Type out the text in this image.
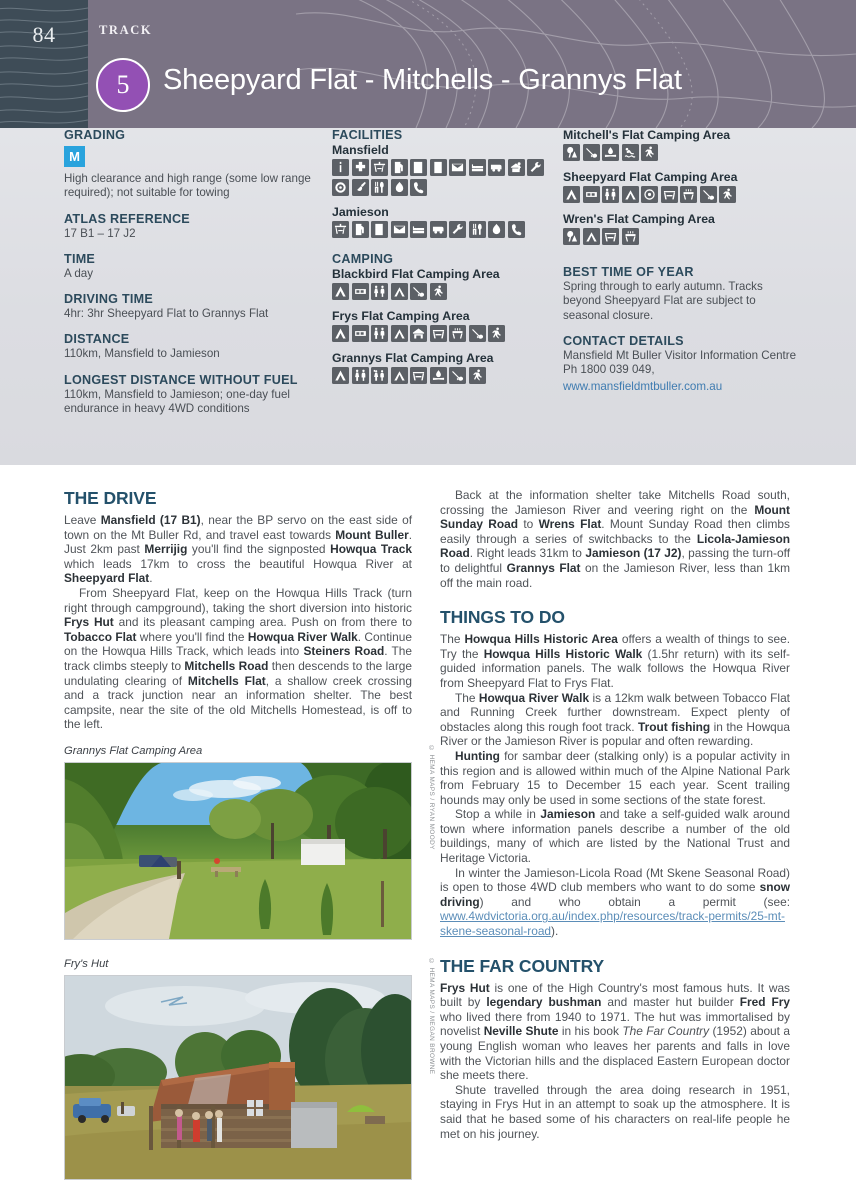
84	TRACK
5	Sheepyard Flat - Mitchells - Grannys Flat

GRADING

M

High clearance and high range (some low range required); not suitable for towing

ATLAS REFERENCE

17 B1 – 17 J2

TIME

A day

DRIVING TIME

4hr: 3hr Sheepyard Flat to Grannys Flat

DISTANCE

110km, Mansfield to Jamieson

LONGEST DISTANCE WITHOUT FUEL

110km, Mansfield to Jamieson; one-day fuel endurance in heavy 4WD conditions

FACILITIES

Mansfield

Jamieson

CAMPING

Blackbird Flat Camping Area

Frys Flat Camping Area

Grannys Flat Camping Area

Mitchell's Flat Camping Area

Sheepyard Flat Camping Area

Wren's Flat Camping Area

BEST TIME OF YEAR

Spring through to early autumn. Tracks beyond Sheepyard Flat are subject to seasonal closure.

CONTACT DETAILS

Mansfield Mt Buller Visitor Information Centre

Ph 1800 039 049,

www.mansfieldmtbuller.com.au
THE DRIVE

Leave Mansfield (17 B1), near the BP servo on the east side of town on the Mt Buller Rd, and travel east towards Mount Buller. Just 2km past Merrijig you'll find the signposted Howqua Track which leads 17km to cross the beautiful Howqua River at Sheepyard Flat.

From Sheepyard Flat, keep on the Howqua Hills Track (turn right through campground), taking the short diversion into historic Frys Hut and its pleasant camping area. Push on from there to Tobacco Flat where you'll find the Howqua River Walk. Continue on the Howqua Hills Track, which leads into Steiners Road. The track climbs steeply to Mitchells Road then descends to the large undulating clearing of Mitchells Flat, a shallow creek crossing and a track junction near an information shelter. The best campsite, near the site of the old Mitchells Homestead, is off to the left.

Grannys Flat Camping Area	© HEMA MAPS / RYAN MOODY

Fry's Hut	© HEMA MAPS / MEGAN BROWNE

Back at the information shelter take Mitchells Road south, crossing the Jamieson River and veering right on the Mount Sunday Road to Wrens Flat. Mount Sunday Road then climbs easily through a series of switchbacks to the Licola-Jamieson Road. Right leads 31km to Jamieson (17 J2), passing the turn-off to delightful Grannys Flat on the Jamieson River, less than 1km off the main road.

THINGS TO DO

The Howqua Hills Historic Area offers a wealth of things to see. Try the Howqua Hills Historic Walk (1.5hr return) with its self-guided information panels. The walk follows the Howqua River from Sheepyard Flat to Frys Flat.

The Howqua River Walk is a 12km walk between Tobacco Flat and Running Creek further downstream. Expect plenty of obstacles along this rough foot track. Trout fishing in the Howqua River or the Jamieson River is popular and often rewarding.

Hunting for sambar deer (stalking only) is a popular activity in this region and is allowed within much of the Alpine National Park from February 15 to December 15 each year. Scent trailing hounds may only be used in some sections of the state forest.

Stop a while in Jamieson and take a self-guided walk around town where information panels describe a number of the old buildings, many of which are listed by the National Trust and Heritage Victoria.

In winter the Jamieson-Licola Road (Mt Skene Seasonal Road) is open to those 4WD club members who want to do some snow driving) and who obtain a permit (see: www.4wdvictoria.org.au/index.php/resources/track-permits/25-mt-skene-seasonal-road).

THE FAR COUNTRY

Frys Hut is one of the High Country's most famous huts. It was built by legendary bushman and master hut builder Fred Fry who lived there from 1940 to 1971. The hut was immortalised by novelist Neville Shute in his book The Far Country (1952) about a young English woman who leaves her parents and falls in love with the Victorian hills and the displaced Eastern European doctor she meets there.

Shute travelled through the area doing research in 1951, staying in Frys Hut in an attempt to soak up the atmosphere. It is said that he based some of his characters on real-life people he met on his journey.
